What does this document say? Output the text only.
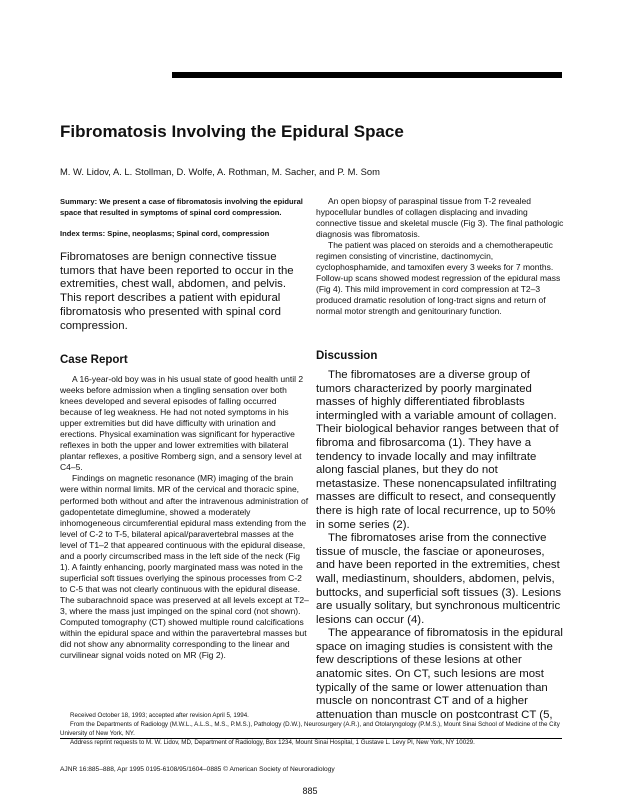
Fibromatosis Involving the Epidural Space
M. W. Lidov, A. L. Stollman, D. Wolfe, A. Rothman, M. Sacher, and P. M. Som

Summary: We present a case of fibromatosis involving the epidural space that resulted in symptoms of spinal cord compression.

Index terms: Spine, neoplasms; Spinal cord, compression

Fibromatoses are benign connective tissue tumors that have been reported to occur in the extremities, chest wall, abdomen, and pelvis. This report describes a patient with epidural fibromatosis who presented with spinal cord compression.

Case Report

A 16-year-old boy was in his usual state of good health until 2 weeks before admission when a tingling sensation over both knees developed and several episodes of falling occurred because of leg weakness. He had not noted symptoms in his upper extremities but did have difficulty with urination and erections. Physical examination was significant for hyperactive reflexes in both the upper and lower extremities with bilateral plantar reflexes, a positive Romberg sign, and a sensory level at C4–5.

Findings on magnetic resonance (MR) imaging of the brain were within normal limits. MR of the cervical and thoracic spine, performed both without and after the intravenous administration of gadopentetate dimeglumine, showed a moderately inhomogeneous circumferential epidural mass extending from the level of C-2 to T-5, bilateral apical/paravertebral masses at the level of T1–2 that appeared continuous with the epidural disease, and a poorly circumscribed mass in the left side of the neck (Fig 1). A faintly enhancing, poorly marginated mass was noted in the superficial soft tissues overlying the spinous processes from C-2 to C-5 that was not clearly continuous with the epidural disease. The subarachnoid space was preserved at all levels except at T2–3, where the mass just impinged on the spinal cord (not shown). Computed tomography (CT) showed multiple round calcifications within the epidural space and within the paravertebral masses but did not show any abnormality corresponding to the linear and curvilinear signal voids noted on MR (Fig 2).

An open biopsy of paraspinal tissue from T-2 revealed hypocellular bundles of collagen displacing and invading connective tissue and skeletal muscle (Fig 3). The final pathologic diagnosis was fibromatosis.

The patient was placed on steroids and a chemotherapeutic regimen consisting of vincristine, dactinomycin, cyclophosphamide, and tamoxifen every 3 weeks for 7 months. Follow-up scans showed modest regression of the epidural mass (Fig 4). This mild improvement in cord compression at T2–3 produced dramatic resolution of long-tract signs and return of normal motor strength and genitourinary function.

Discussion

The fibromatoses are a diverse group of tumors characterized by poorly marginated masses of highly differentiated fibroblasts intermingled with a variable amount of collagen. Their biological behavior ranges between that of fibroma and fibrosarcoma (1). They have a tendency to invade locally and may infiltrate along fascial planes, but they do not metastasize. These nonencapsulated infiltrating masses are difficult to resect, and consequently there is high rate of local recurrence, up to 50% in some series (2).

The fibromatoses arise from the connective tissue of muscle, the fasciae or aponeuroses, and have been reported in the extremities, chest wall, mediastinum, shoulders, abdomen, pelvis, buttocks, and superficial soft tissues (3). Lesions are usually solitary, but synchronous multicentric lesions can occur (4).

The appearance of fibromatosis in the epidural space on imaging studies is consistent with the few descriptions of these lesions at other anatomic sites. On CT, such lesions are most typically of the same or lower attenuation than muscle on noncontrast CT and of a higher attenuation than muscle on postcontrast CT (5,

Received October 18, 1993; accepted after revision April 5, 1994.

From the Departments of Radiology (M.W.L., A.L.S., M.S., P.M.S.), Pathology (D.W.), Neurosurgery (A.R.), and Otolaryngology (P.M.S.), Mount Sinai School of Medicine of the City University of New York, NY.

Address reprint requests to M. W. Lidov, MD, Department of Radiology, Box 1234, Mount Sinai Hospital, 1 Gustave L. Levy Pl, New York, NY 10029.

AJNR 16:885–888, Apr 1995 0195-6108/95/1604–0885 © American Society of Neuroradiology
885
